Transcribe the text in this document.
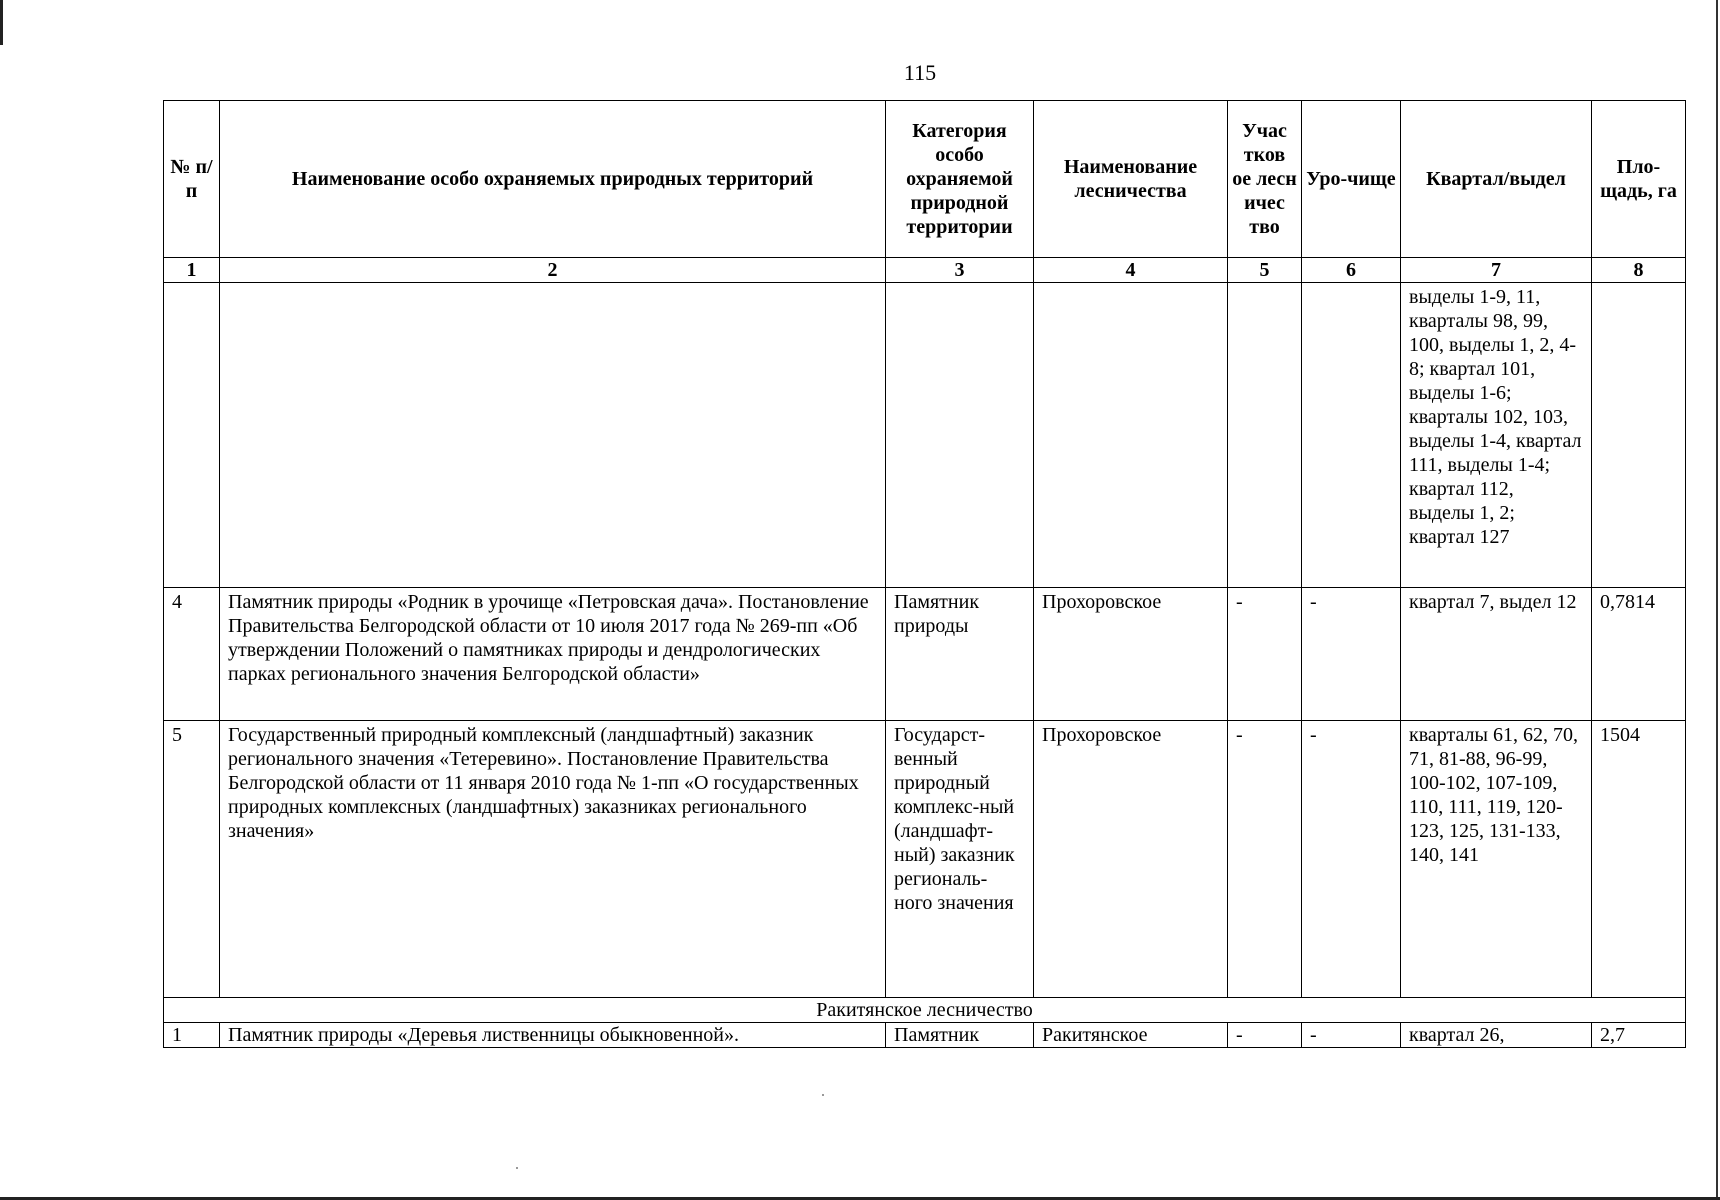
115
№ п/п	Наименование особо охраняемых природных территорий	Категория особо охраняемой природной территории	Наименование лесничества	Учас тков ое лесн ичес тво	Уро-чище	Квартал/выдел	Пло-щадь, га
1	2	3	4	5	6	7	8
						выделы 1-9, 11, кварталы 98, 99, 100, выделы 1, 2, 4-8; квартал 101, выделы 1-6; кварталы 102, 103, выделы 1-4, квартал 111, выделы 1-4; квартал 112, выделы 1, 2; квартал 127	
4	Памятник природы «Родник в урочище «Петровская дача». Постановление Правительства Белгородской области от 10 июля 2017 года № 269-пп «Об утверждении Положений о памятниках природы и дендрологических парках регионального значения Белгородской области»	Памятник природы	Прохоровское	-	-	квартал 7, выдел 12	0,7814
5	Государственный природный комплексный (ландшафтный) заказник регионального значения «Тетеревино». Постановление Правительства Белгородской области от 11 января 2010 года № 1-пп «О государственных природных комплексных (ландшафтных) заказниках регионального значения»	Государст-венный природный комплекс-ный (ландшафт-ный) заказник региональ-ного значения	Прохоровское	-	-	кварталы 61, 62, 70, 71, 81-88, 96-99, 100-102, 107-109, 110, 111, 119, 120-123, 125, 131-133, 140, 141	1504
Ракитянское лесничество							
1	Памятник природы «Деревья лиственницы обыкновенной».	Памятник	Ракитянское	-	-	квартал 26,	2,7
